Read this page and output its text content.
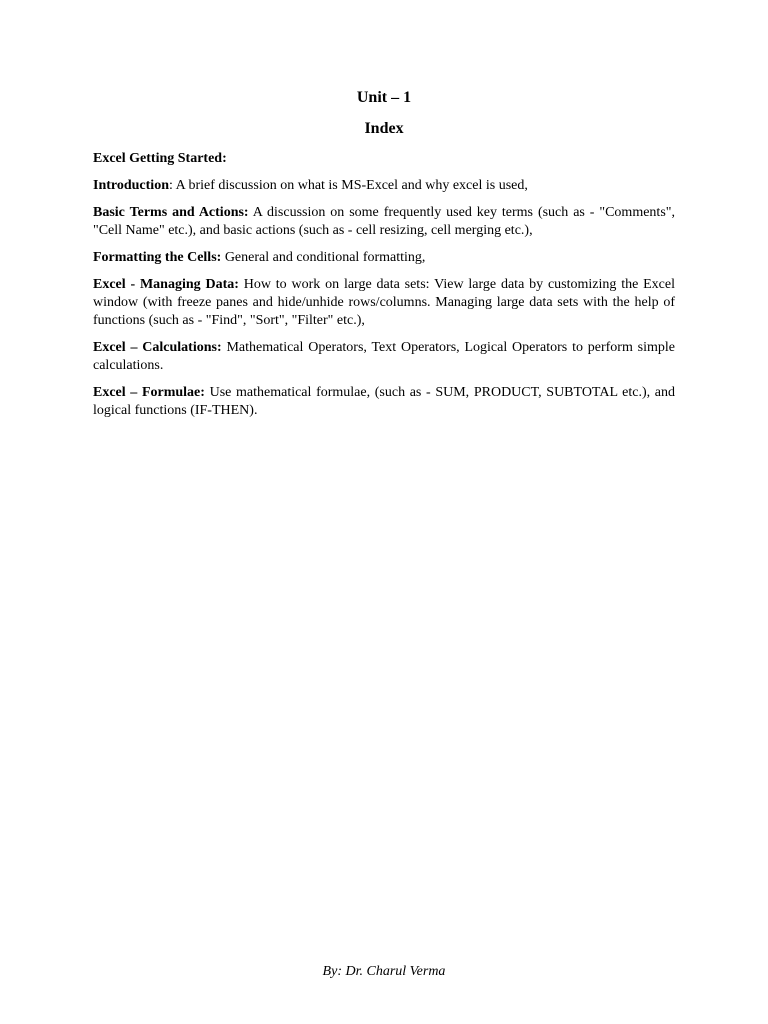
Unit – 1
Index

Excel Getting Started:

Introduction: A brief discussion on what is MS-Excel and why excel is used,

Basic Terms and Actions: A discussion on some frequently used key terms (such as - "Comments", "Cell Name" etc.), and basic actions (such as - cell resizing, cell merging etc.),

Formatting the Cells: General and conditional formatting,

Excel - Managing Data: How to work on large data sets: View large data by customizing the Excel window (with freeze panes and hide/unhide rows/columns. Managing large data sets with the help of functions (such as - "Find", "Sort", "Filter" etc.),

Excel – Calculations: Mathematical Operators, Text Operators, Logical Operators to perform simple calculations.

Excel – Formulae: Use mathematical formulae, (such as - SUM, PRODUCT, SUBTOTAL etc.), and logical functions (IF-THEN).

By: Dr. Charul Verma
